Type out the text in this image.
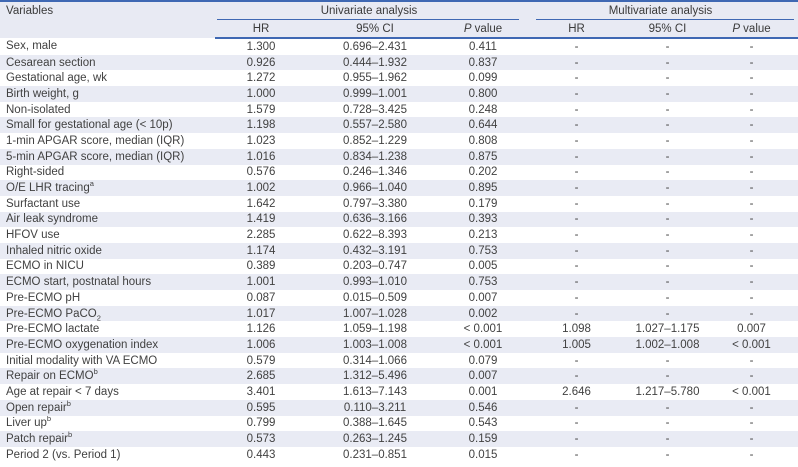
Variables	Univariate analysis			Multivariate analysis		
	HR	95% CI	P value	HR	95% CI	P value
Sex, male	1.300	0.696–2.431	0.411	-	-	-
Cesarean section	0.926	0.444–1.932	0.837	-	-	-
Gestational age, wk	1.272	0.955–1.962	0.099	-	-	-
Birth weight, g	1.000	0.999–1.001	0.800	-	-	-
Non-isolated	1.579	0.728–3.425	0.248	-	-	-
Small for gestational age (< 10p)	1.198	0.557–2.580	0.644	-	-	-
1-min APGAR score, median (IQR)	1.023	0.852–1.229	0.808	-	-	-
5-min APGAR score, median (IQR)	1.016	0.834–1.238	0.875	-	-	-
Right-sided	0.576	0.246–1.346	0.202	-	-	-
O/E LHR tracing$^a$	1.002	0.966–1.040	0.895	-	-	-
Surfactant use	1.642	0.797–3.380	0.179	-	-	-
Air leak syndrome	1.419	0.636–3.166	0.393	-	-	-
HFOV use	2.285	0.622–8.393	0.213	-	-	-
Inhaled nitric oxide	1.174	0.432–3.191	0.753	-	-	-
ECMO in NICU	0.389	0.203–0.747	0.005	-	-	-
ECMO start, postnatal hours	1.001	0.993–1.010	0.753	-	-	-
Pre-ECMO pH	0.087	0.015–0.509	0.007	-	-	-
Pre-ECMO PaCO$_2$	1.017	1.007–1.028	0.002	-	-	-
Pre-ECMO lactate	1.126	1.059–1.198	< 0.001	1.098	1.027–1.175	0.007
Pre-ECMO oxygenation index	1.006	1.003–1.008	< 0.001	1.005	1.002–1.008	< 0.001
Initial modality with VA ECMO	0.579	0.314–1.066	0.079	-	-	-
Repair on ECMO$^b$	2.685	1.312–5.496	0.007	-	-	-
Age at repair < 7 days	3.401	1.613–7.143	0.001	2.646	1.217–5.780	< 0.001
Open repair$^b$	0.595	0.110–3.211	0.546	-	-	-
Liver $up^b$	0.799	0.388–1.645	0.543	-	-	-
Patch repair$^b$	0.573	0.263–1.245	0.159	-	-	-
Period 2 (vs. Period 1)	0.443	0.231–0.851	0.015	-	-	-
